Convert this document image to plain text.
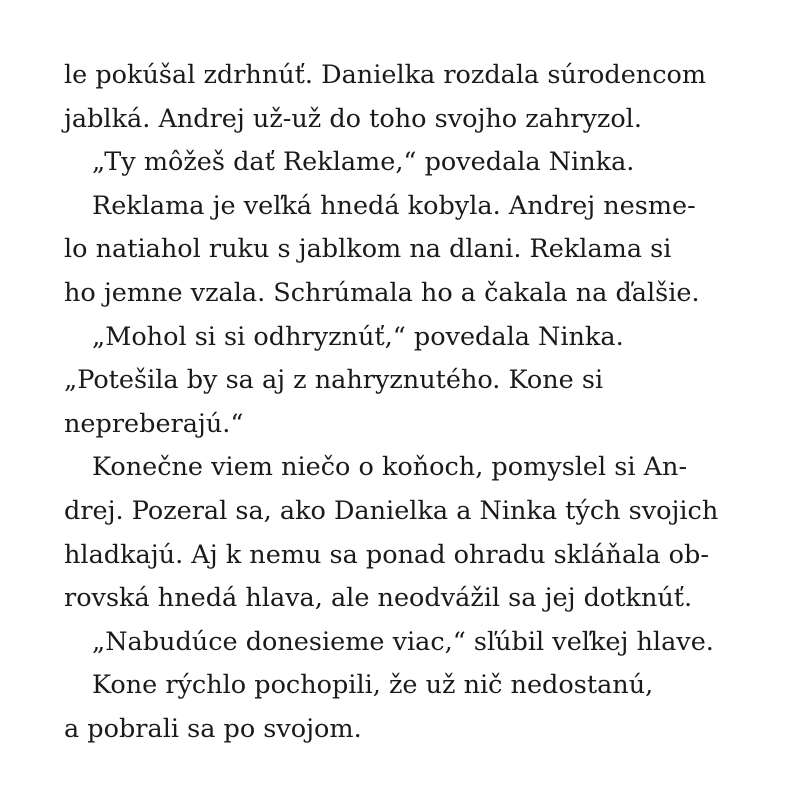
le pokúšal zdrhnúť. Danielka rozdala súrodencom
jablká. Andrej už-už do toho svojho zahryzol.
„Ty môžeš dať Reklame,“ povedala Ninka.
Reklama je veľká hnedá kobyla. Andrej nesme-
lo natiahol ruku s jablkom na dlani. Reklama si
ho jemne vzala. Schrúmala ho a čakala na ďalšie.
„Mohol si si odhryznúť,“ povedala Ninka.
„Potešila by sa aj z nahryznutého. Kone si
nepreberajú.“
Konečne viem niečo o koňoch, pomyslel si An-
drej. Pozeral sa, ako Danielka a Ninka tých svojich
hladkajú. Aj k nemu sa ponad ohradu skláňala ob-
rovská hnedá hlava, ale neodvážil sa jej dotknúť.
„Nabudúce donesieme viac,“ sľúbil veľkej hlave.
Kone rýchlo pochopili, že už nič nedostanú,
a pobrali sa po svojom.
